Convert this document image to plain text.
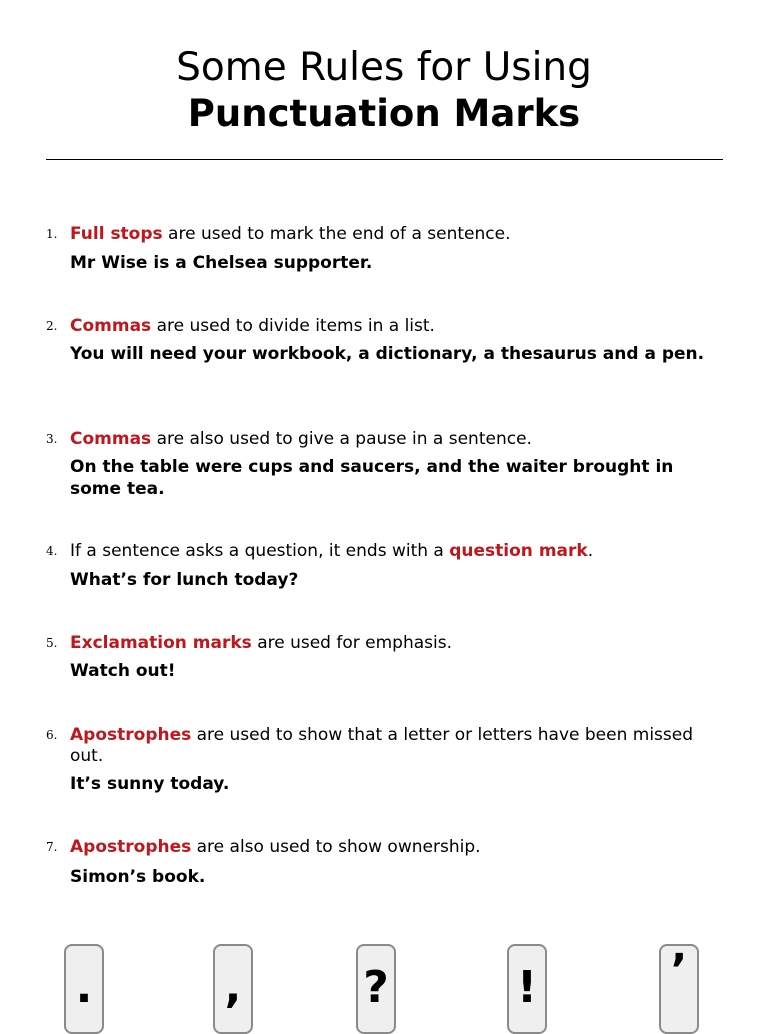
Some Rules for Using
Punctuation Marks
1. Full stops are used to mark the end of a sentence.
Mr Wise is a Chelsea supporter.
2. Commas are used to divide items in a list.
You will need your workbook, a dictionary, a thesaurus and a pen.
3. Commas are also used to give a pause in a sentence.
On the table were cups and saucers, and the waiter brought in some tea.
4. If a sentence asks a question, it ends with a question mark.
What’s for lunch today?
5. Exclamation marks are used for emphasis.
Watch out!
6. Apostrophes are used to show that a letter or letters have been missed out.
It’s sunny today.
7. Apostrophes are also used to show ownership.
Simon’s book.
.	,	?	!	’
